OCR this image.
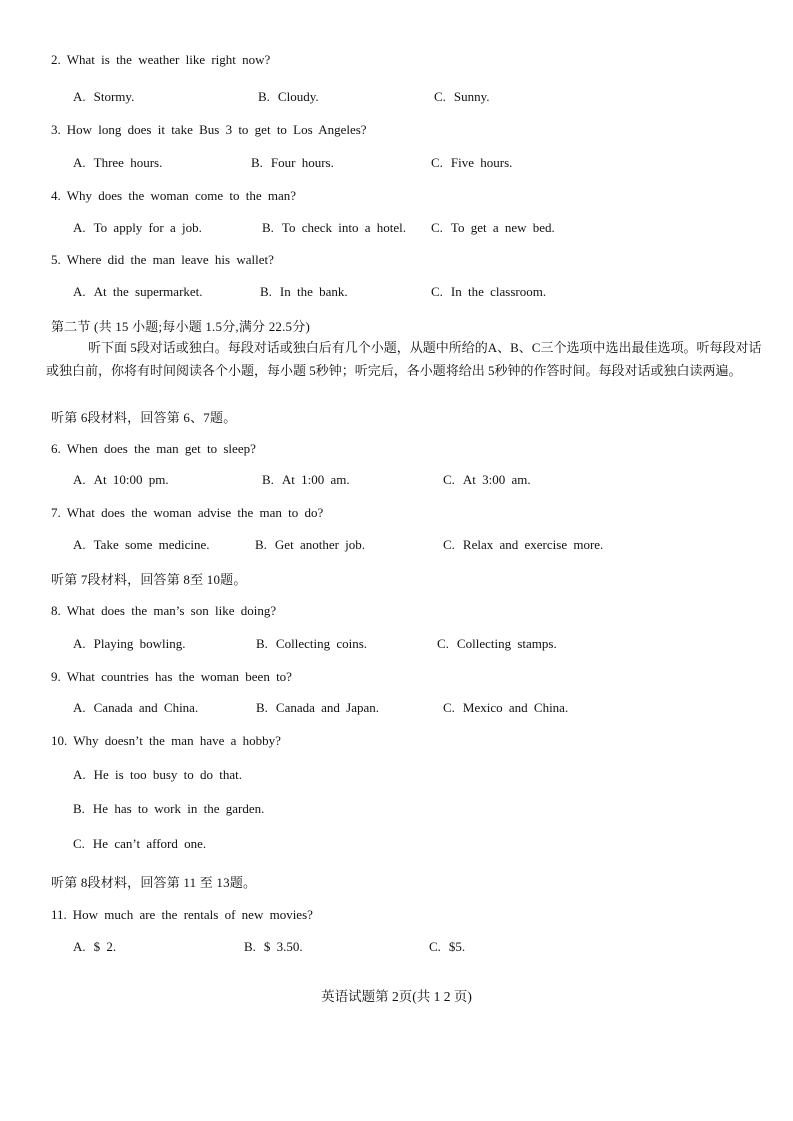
2. What is the weather like right now?
A. Stormy.	B. Cloudy.	C. Sunny.
3. How long does it take Bus 3 to get to Los Angeles?
A. Three hours.	B. Four hours.	C. Five hours.
4. Why does the woman come to the man?
A. To apply for a job.	B. To check into a hotel. C. To get a new bed.
5. Where did the man leave his wallet?
A. At the supermarket.	B. In the bank.	C. In the classroom.
第二节 (共 15 小题;每小题 1.5分,满分 22.5分)
听下面 5段对话或独白。每段对话或独白后有几个小题，从题中所给的A、B、C三个选项中选出最佳选项。听每段对话或独白前，你将有时间阅读各个小题，每小题 5秒钟；听完后，各小题将给出 5秒钟的作答时间。每段对话或独白读两遍。
听第 6段材料，回答第 6、7题。
6. When does the man get to sleep?
A. At 10:00 pm.	B. At 1:00 am.	C. At 3:00 am.
7. What does the woman advise the man to do?
A. Take some medicine.	B. Get another job.	C. Relax and exercise more.
听第 7段材料，回答第 8至 10题。
8. What does the man’s son like doing?
A. Playing bowling.	B. Collecting coins.	C. Collecting stamps.
9. What countries has the woman been to?
A. Canada and China.	B. Canada and Japan.	C. Mexico and China.
10. Why doesn’t the man have a hobby?
A. He is too busy to do that.
B. He has to work in the garden.
C. He can’t afford one.
听第 8段材料，回答第 11 至 13题。
11. How much are the rentals of new movies?
A. $ 2.	B. $ 3.50.	C. $5.
英语试题第 2页(共 1 2 页)
